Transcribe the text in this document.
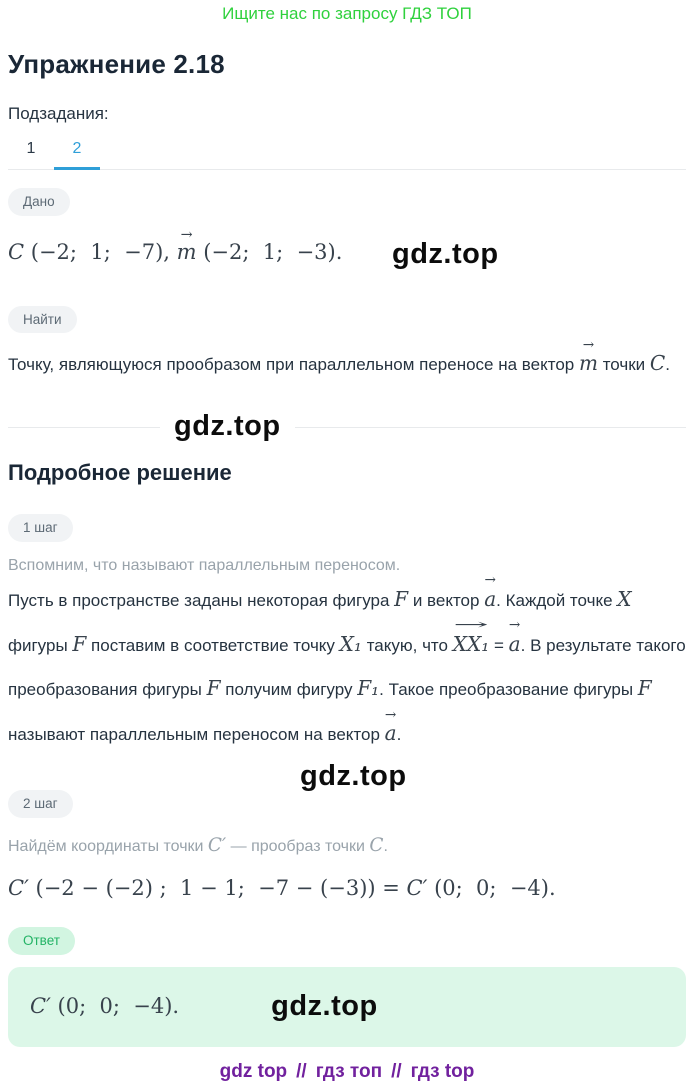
Ищите нас по запросу ГДЗ ТОП
Упражнение 2.18
Подзадания:
1	2
Дано
C (−2;  1;  −7), m
→
(−2;  1;  −3). gdz.top
Найти

Точку, являющуюся прообразом при параллельном переносе на вектор m
→
точки C.

gdz.top
Подробное решение
1 шаг

Вспомним, что называют параллельным переносом.

Пусть в пространстве заданы некоторая фигура F и вектор a
→
. Каждой точке X фигуры F поставим в соответствие точку X₁ такую, что XX₁
→
= a
→
. В результате такого преобразования фигуры F получим фигуру F₁. Такое преобразование фигуры F называют параллельным переносом на вектор a
→
.

gdz.top
2 шаг

Найдём координаты точки C′ — прообраз точки C.

C′ (−2 − (−2) ;  1 − 1;  −7 − (−3)) = C′ (0;  0;  −4).
Ответ
C′ (0;  0;  −4).	gdz.top
gdz top // гдз топ // гдз top
